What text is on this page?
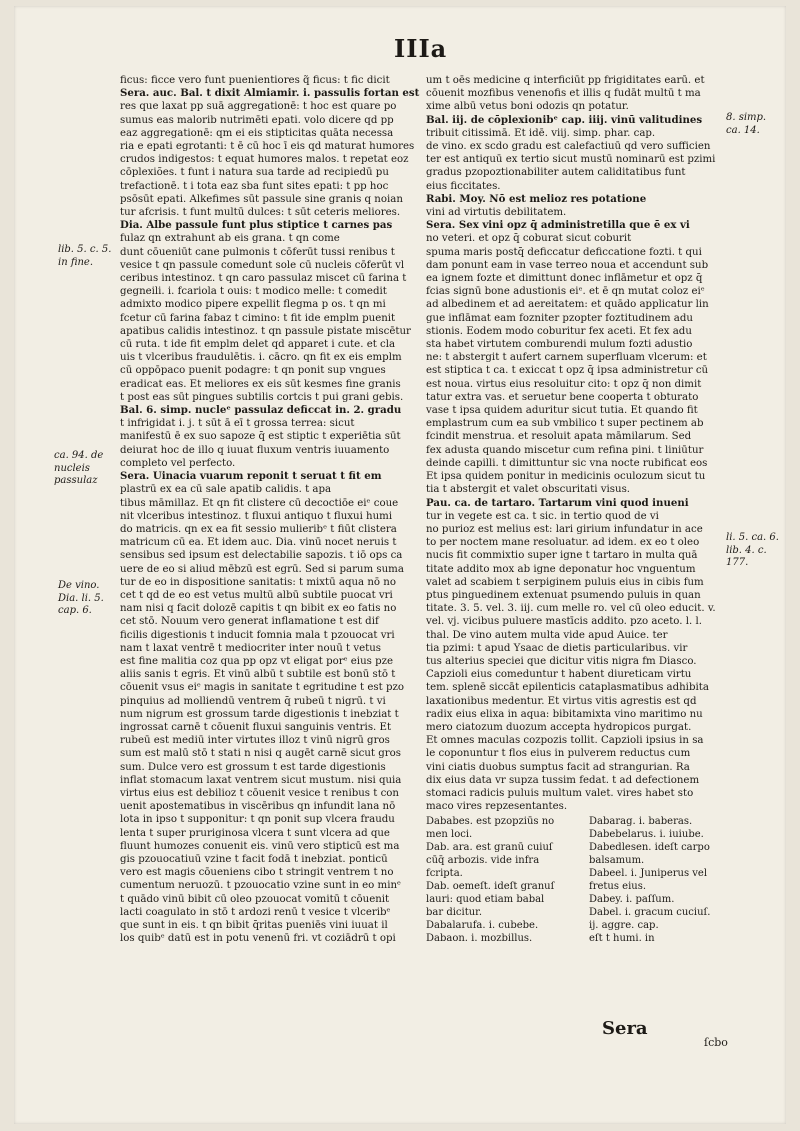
IIIa

ficus: ficce vero funt puenientiores q̃ ficus: t fic dicit

Sera. auc. Bal. t dixit Almiamir. i. passulis fortan est

res que laxat pp suā aggregationē: t hoc est quare po

sumus eas malorib nutrimēti epati. volo dicere qd pp

eaz aggregationē: qm ei eis stipticitas quāta necessa

ria e epati egrotanti: t ē cū hoc ī eis qd maturat humores

crudos indigestos: t equat humores malos. t repetat eoz

cōplexiões. t funt i natura sua tarde ad recipiedū pu

trefactionē. t i tota eaz sba funt sites epati: t pp hoc

psōsūt epati. Alkefimes sūt passule sine granis q noian

tur afcrisis. t funt multū dulces: t sūt ceteris meliores.

Dia. Albe passule funt plus stiptice t carnes pas

fulaz qn extrahunt ab eis grana. t qn come

dunt cōueniūt cane pulmonis t cōferūt tussi renibus t

vesice t qn passule comedunt sole cū nucleis cōferūt vl

ceribus intestinoz. t qn caro passulaz miscet cū farina t

gegneili. i. fcariola t ouis: t modico melle: t comedit

admixto modico pipere expellit flegma p os. t qn mi

fcetur cū farina fabaz t cimino: t fit ide emplm puenit

apatibus calidis intestinoz. t qn passule pistate miscētur

cū ruta. t ide fit emplm delet qd apparet i cute. et cla

uis t vlceribus fraudulētis. i. cācro. qn fit ex eis emplm

cū oppōpaco puenit podagre: t qn ponit sup vngues

eradicat eas. Et meliores ex eis sūt kesmes fine granis

t post eas sūt pingues subtilis cortcis t pui grani gebis.

Bal. 6. simp. nucleᵉ passulaz deficcat in. 2. gradu

t infrigidat i. j. t sūt ā eī t grossa terrea: sicut

manifestū ē ex suo sapoze q̄ est stiptic t experiētia sūt

deiurat hoc de illo q iuuat fluxum ventris iuuamento

completo vel perfecto.

Sera. Uinacia vuarum reponit t seruat t fit em

plastrū ex ea cū sale apatib calidis. t apa

tibus māmillaz. Et qn fit clistere cū decoctiōe eiᵉ coue

nit vlceribus intestinoz. t fluxui antiquo t fluxui humi

do matricis. qn ex ea fit sessio mulieribᵉ t fiūt clistera

matricum cū ea. Et idem auc. Dia. vinū nocet neruis t

sensibus sed ipsum est delectabilie sapozis. t iō ops ca

uere de eo si aliud mēbzū est egrū. Sed si parum suma

tur de eo in dispositione sanitatis: t mixtū aqua nō no

cet t qd de eo est vetus multū albū subtile puocat vri

nam nisi q facit dolozē capitis t qn bibit ex eo fatis no

cet stō. Nouum vero generat inflamatione t est dif

ficilis digestionis t inducit fomnia mala t pzouocat vri

nam t laxat ventrē t mediocriter inter nouū t vetus

est fine malitia coz qua pp opz vt eligat porᵉ eius pze

aliis sanis t egris. Et vinū albū t subtile est bonū stō t

cōuenit vsus eiᵉ magis in sanitate t egritudine t est pzo

pinquius ad molliendū ventrem q̄ rubeū t nigrū. t vi

num nigrum est grossum tarde digestionis t inebziat t

ingrossat carnē t cōuenit fluxui sanguinis ventris. Et

rubeū est mediū inter virtutes illoz t vinū nigrū gros

sum est malū stō t stati n nisi q augēt carnē sicut gros

sum. Dulce vero est grossum t est tarde digestionis

inflat stomacum laxat ventrem sicut mustum. nisi quia

virtus eius est debilioz t cōuenit vesice t renibus t con

uenit apostematibus in viscēribus qn infundit lana nō

lota in ipso t supponitur: t qn ponit sup vlcera fraudu

lenta t super pruriginosa vlcera t sunt vlcera ad que

fluunt humozes conuenit eis. vinū vero stipticū est ma

gis pzouocatiuū vzine t facit fodā t inebziat. ponticū

vero est magis cōueniens cibo t stringit ventrem t no

cumentum neruozū. t pzouocatio vzine sunt in eo minᵉ

t quādo vinū bibit cū oleo pzouocat vomitū t cōuenit

lacti coagulato in stō t ardozi renū t vesice t vlceribᵉ

que sunt in eis. t qn bibit q̄ritas pueniēs vini iuuat il

los quibᵉ datū est in potu venenū fri. vt coziādrū t opi

um t oēs medicine q interficiūt pp frigiditates earū. et

cōuenit mozfibus venenofis et illis q fudāt multū t ma

xime albū vetus boni odozis qn potatur.

Bal. iij. de cōplexionibᵉ cap. iiij. vinū valitudines

tribuit citissimā. Et idē. viij. simp. phar. cap.

de vino. ex scdo gradu est calefactiuū qd vero sufficien

ter est antiquū ex tertio sicut mustū nominarū est pzimi

gradus pzopoztionabiliter autem caliditatibus funt

eius ficcitates.

Rabi. Moy. Nō est melioz res potatione

vini ad virtutis debilitatem.

Sera. Sex vini opz q̄ administretilla que ē ex vi

no veteri. et opz q̄ coburat sicut coburit

spuma maris postq̄ deficcatur deficcatione fozti. t qui

dam ponunt eam in vase terreo noua et accendunt sub

ea ignem fozte et dimittunt donec inflāmetur et opz q̄

fcias signū bone adustionis eiᵉ. et ē qn mutat coloz eiᵉ

ad albedinem et ad aereitatem: et quādo applicatur lin

gue inflāmat eam fozniter pzopter foztitudinem adu

stionis. Eodem modo coburitur fex aceti. Et fex adu

sta habet virtutem comburendi mulum fozti adustio

ne: t abstergit t aufert carnem superfluam vlcerum: et

est stiptica t ca. t exiccat t opz q̄ ipsa administretur cū

est noua. virtus eius resoluitur cito: t opz q̄ non dimit

tatur extra vas. et seruetur bene cooperta t obturato

vase t ipsa quidem aduritur sicut tutia. Et quando fit

emplastrum cum ea sub vmbilico t super pectinem ab

fcindit menstrua. et resoluit apata māmilarum. Sed

fex adusta quando miscetur cum refina pini. t liniūtur

deinde capilli. t dimittuntur sic vna nocte rubificat eos

Et ipsa quidem ponitur in medicinis oculozum sicut tu

tia t abstergit et valet obscuritati visus.

Pau. ca. de tartaro. Tartarum vini quod inueni

tur in vegete est ca. t sic. in tertio quod de vi

no purioz est melius est: lari girium infundatur in ace

to per noctem mane resoluatur. ad idem. ex eo t oleo

nucis fit commixtio super igne t tartaro in multa quā

titate addito mox ab igne deponatur hoc vnguentum

valet ad scabiem t serpiginem puluis eius in cibis fum

ptus pinguedinem extenuat psumendo puluis in quan

titate. 3. 5. vel. 3. iij. cum melle ro. vel cū oleo educit. v.

vel. vj. vicibus puluere mastīcis addito. pzo aceto. l. l.

thal. De vino autem multa vide apud Auice. ter

tia pzimi: t apud Ysaac de dietis particularibus. vir

tus alterius speciei que dicitur vitis nigra fm Diasco.

Capzioli eius comeduntur t habent diureticam virtu

tem. splenē siccāt epilenticis cataplasmatibus adhibita

laxationibus medentur. Et virtus vitis agrestis est qd

radix eius elixa in aqua: bibitamixta vino maritimo nu

mero ciatozum duozum accepta hydropicos purgat.

Et omnes maculas cozpozis tollit. Capzioli ipsius in sa

le coponuntur t flos eius in pulverem reductus cum

vini ciatis duobus sumptus facit ad strangurian. Ra

dix eius data vr supza tussim fedat. t ad defectionem

stomaci radicis puluis multum valet. vires habet sto

maco vires repzesentantes.

Dababes. est pzopziūs no
men loci.
Dab. ara. est granū cuiuſ
cūq̄ arbozis. vide infra
fcripta.
Dab. oemeſt. ideſt granuſ
lauri: quod etiam babal
bar dicitur.
Dabalarufa. i. cubebe.
Dabaon. i. mozbillus.
Dabarag. i. baberas.
Dabebelarus. i. iuiube.
Dabedlesen. ideſt carpo
balsamum.
Dabeel. i. Juniperus vel
fretus eius.
Dabey. i. paſſum.
Dabel. i. gracum cuciuſ.
ij. aggre. cap.
eſt t humi. in
lib. 5. c. 5. in fine.
ca. 94. de nucleis passulaz
De vino. Dia. li. 5. cap. 6.
8. simp. ca. 14.
li. 5. ca. 6. lib. 4. c. 177.
Sera
ſcbo
